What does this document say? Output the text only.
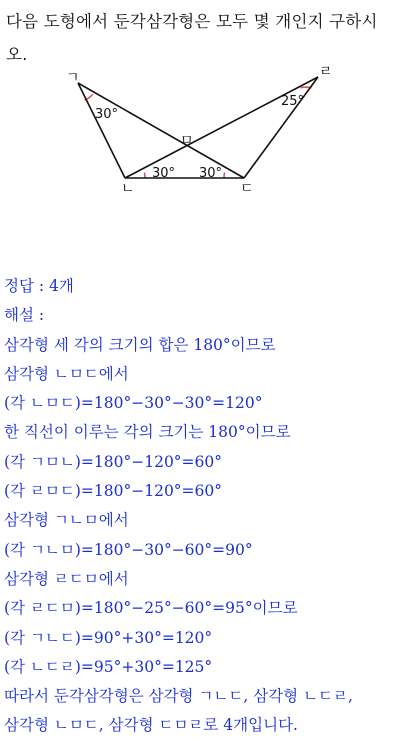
다음 도형에서 둔각삼각형은 모두 몇 개인지 구하시
오.
ㄱ	ㄹ
ㅁ
ㄴ	ㄷ
30°
25°
30° 30°
정답 : 4개
해설 :
삼각형 세 각의 크기의 합은 180°이므로
삼각형 ㄴㅁㄷ에서
(각 ㄴㅁㄷ)=180°−30°−30°=120°
한 직선이 이루는 각의 크기는 180°이므로
(각 ㄱㅁㄴ)=180°−120°=60°
(각 ㄹㅁㄷ)=180°−120°=60°
삼각형 ㄱㄴㅁ에서
(각 ㄱㄴㅁ)=180°−30°−60°=90°
삼각형 ㄹㄷㅁ에서
(각 ㄹㄷㅁ)=180°−25°−60°=95°이므로
(각 ㄱㄴㄷ)=90°+30°=120°
(각 ㄴㄷㄹ)=95°+30°=125°
따라서 둔각삼각형은 삼각형 ㄱㄴㄷ, 삼각형 ㄴㄷㄹ,
삼각형 ㄴㅁㄷ, 삼각형 ㄷㅁㄹ로 4개입니다.
